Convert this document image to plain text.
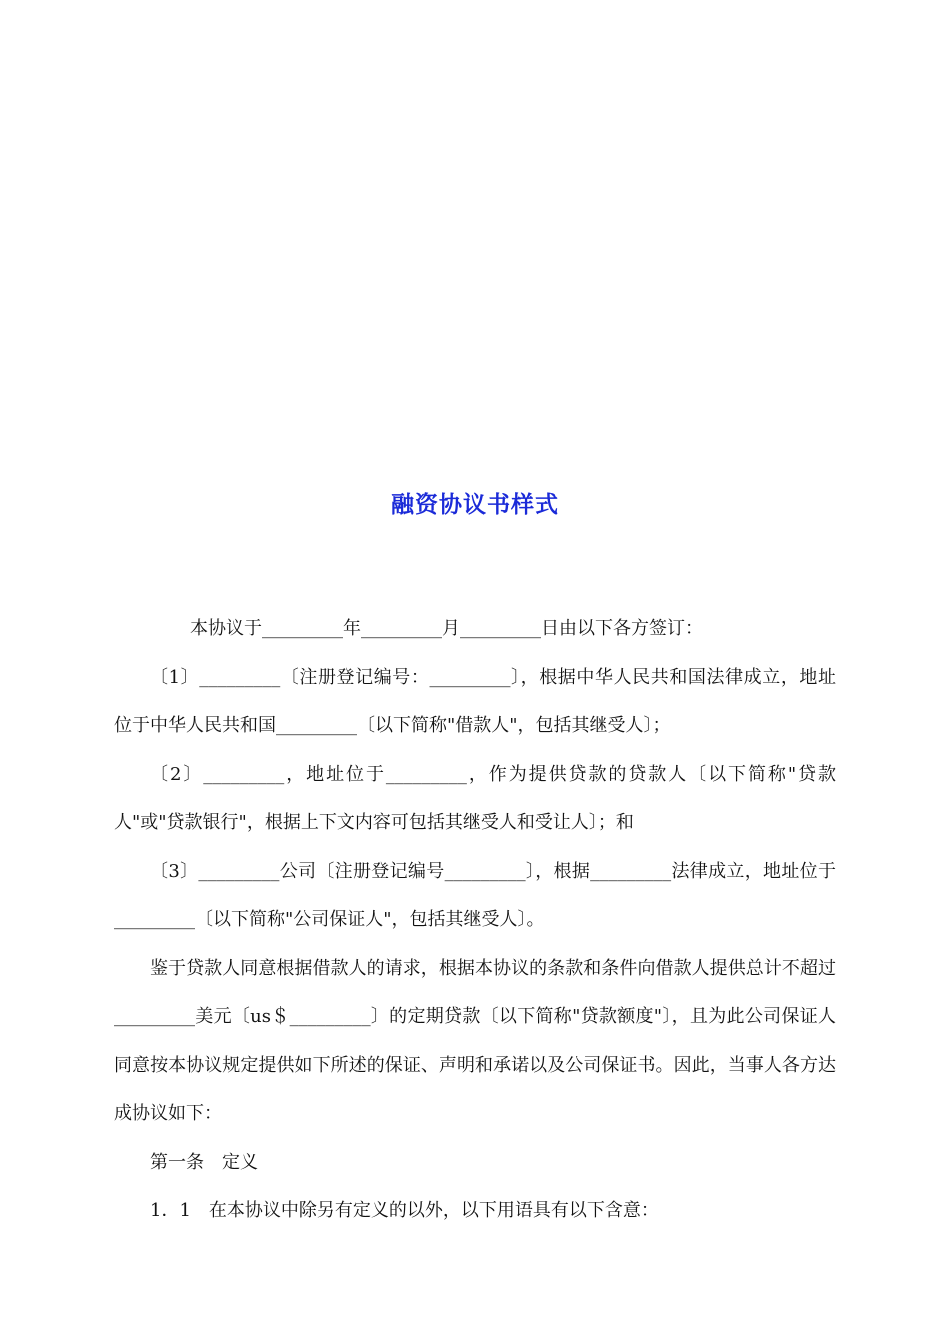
融资协议书样式

本协议于_________年_________月_________日由以下各方签订：

〔1〕_________〔注册登记编号：_________〕，根据中华人民共和国法律成立，地址位于中华人民共和国_________〔以下简称"借款人"，包括其继受人〕；

〔2〕_________，地址位于_________，作为提供贷款的贷款人〔以下简称"贷款人"或"贷款银行"，根据上下文内容可包括其继受人和受让人〕；和

〔3〕_________公司〔注册登记编号_________〕，根据_________法律成立，地址位于_________〔以下简称"公司保证人"，包括其继受人〕。

鉴于贷款人同意根据借款人的请求，根据本协议的条款和条件向借款人提供总计不超过_________美元〔us＄_________〕的定期贷款〔以下简称"贷款额度"〕，且为此公司保证人同意按本协议规定提供如下所述的保证、声明和承诺以及公司保证书。因此，当事人各方达成协议如下：

第一条　定义

1．1　在本协议中除另有定义的以外，以下用语具有以下含意：
